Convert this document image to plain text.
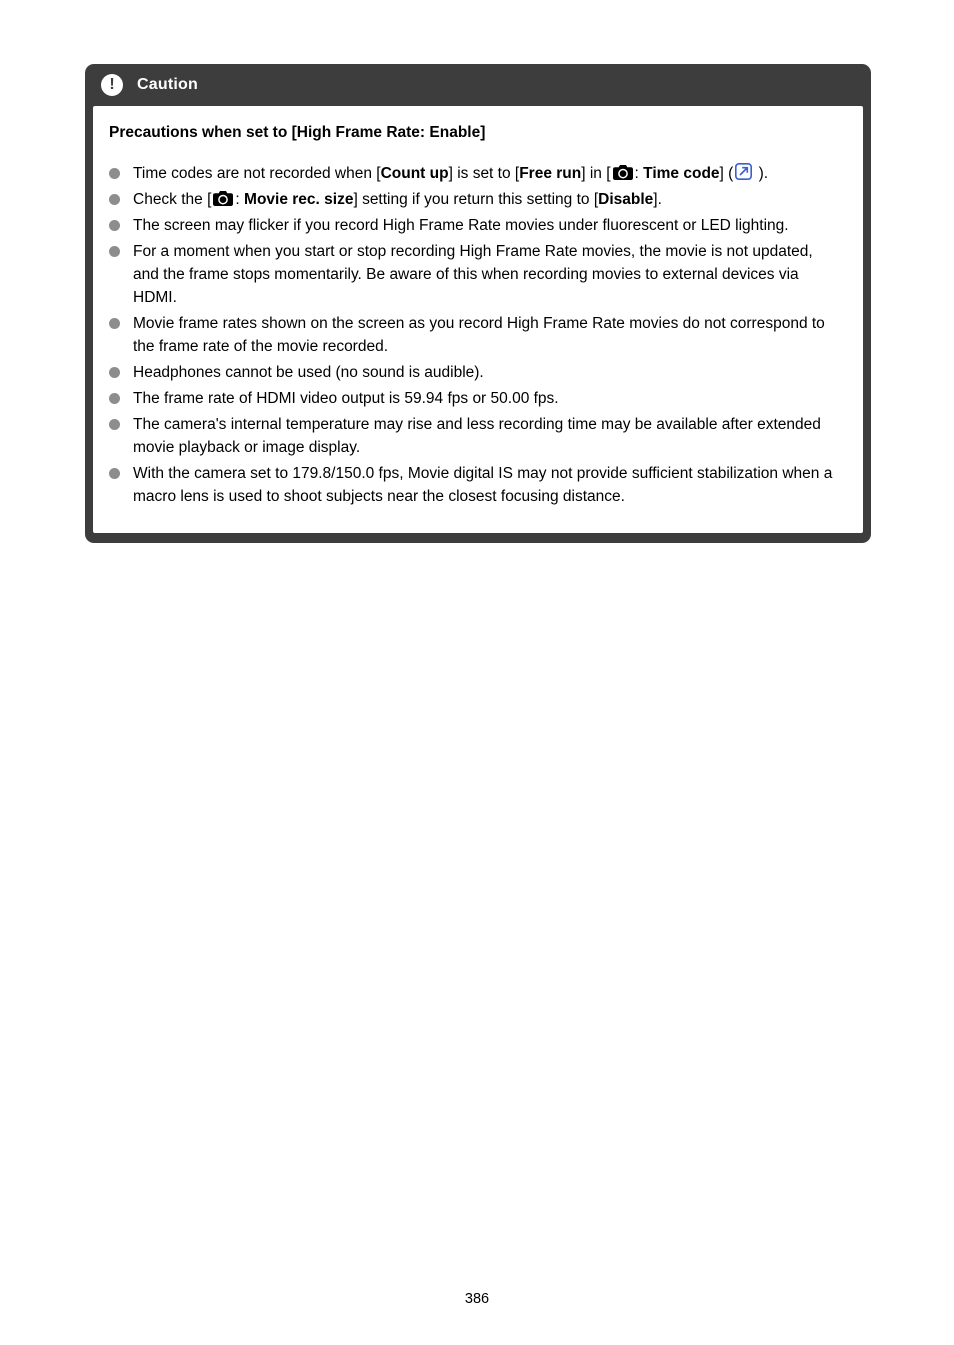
!	Caution
Precautions when set to [High Frame Rate: Enable]
Time codes are not recorded when [Count up] is set to [Free run] in [ : Time code] ( ).
Check the [ : Movie rec. size] setting if you return this setting to [Disable].
The screen may flicker if you record High Frame Rate movies under fluorescent or LED lighting.
For a moment when you start or stop recording High Frame Rate movies, the movie is not updated, and the frame stops momentarily. Be aware of this when recording movies to external devices via HDMI.
Movie frame rates shown on the screen as you record High Frame Rate movies do not correspond to the frame rate of the movie recorded.
Headphones cannot be used (no sound is audible).
The frame rate of HDMI video output is 59.94 fps or 50.00 fps.
The camera's internal temperature may rise and less recording time may be available after extended movie playback or image display.
With the camera set to 179.8/150.0 fps, Movie digital IS may not provide sufficient stabilization when a macro lens is used to shoot subjects near the closest focusing distance.
386
